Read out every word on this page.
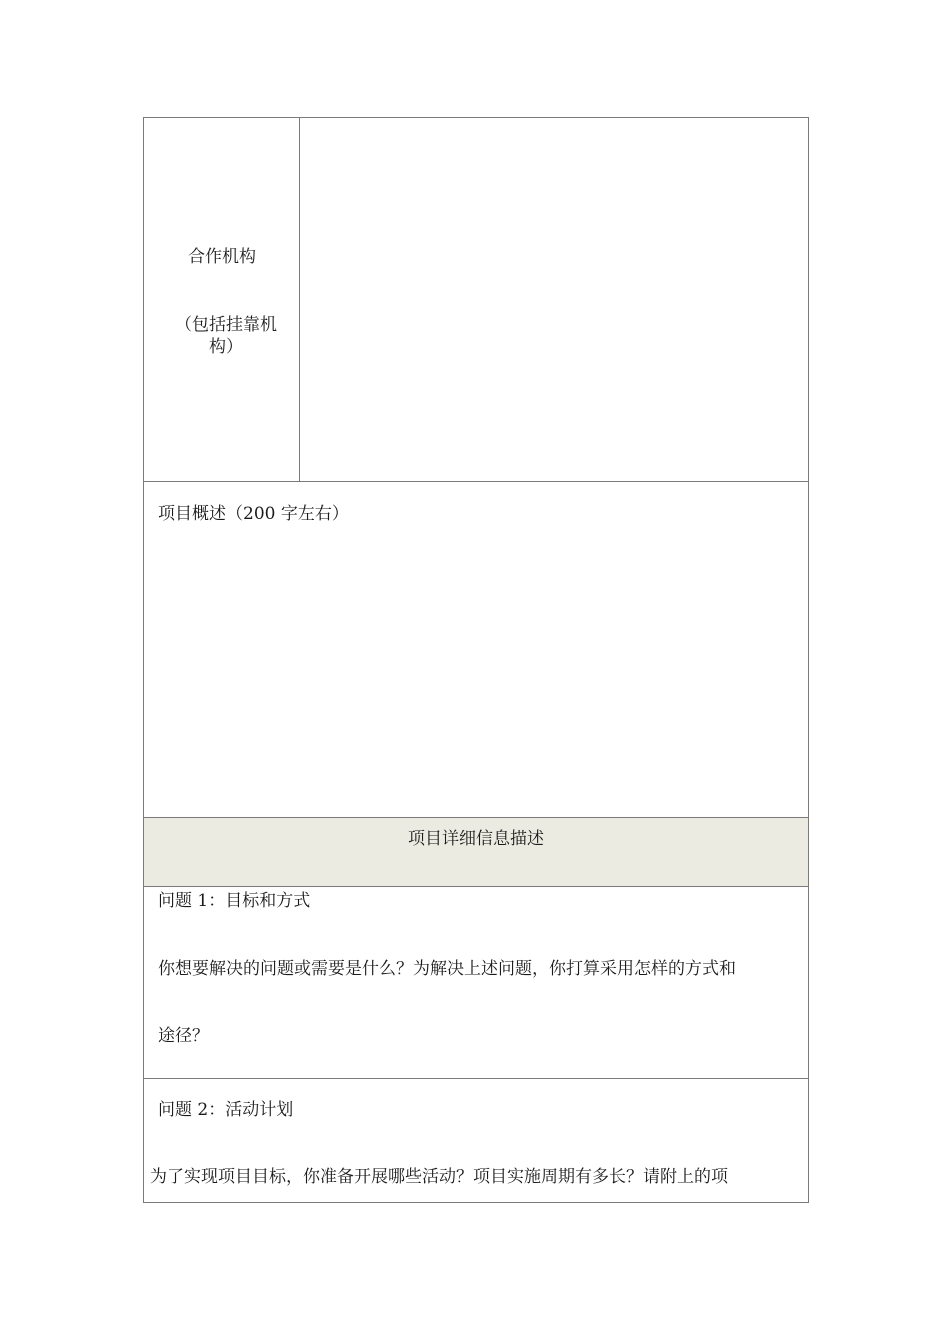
合作机构
（包括挂靠机构）
项目概述（200 字左右）
项目详细信息描述
问题 1：目标和方式
你想要解决的问题或需要是什么？为解决上述问题，你打算采用怎样的方式和
途径？
问题 2：活动计划
为了实现项目目标，你准备开展哪些活动？项目实施周期有多长？请附上的项
